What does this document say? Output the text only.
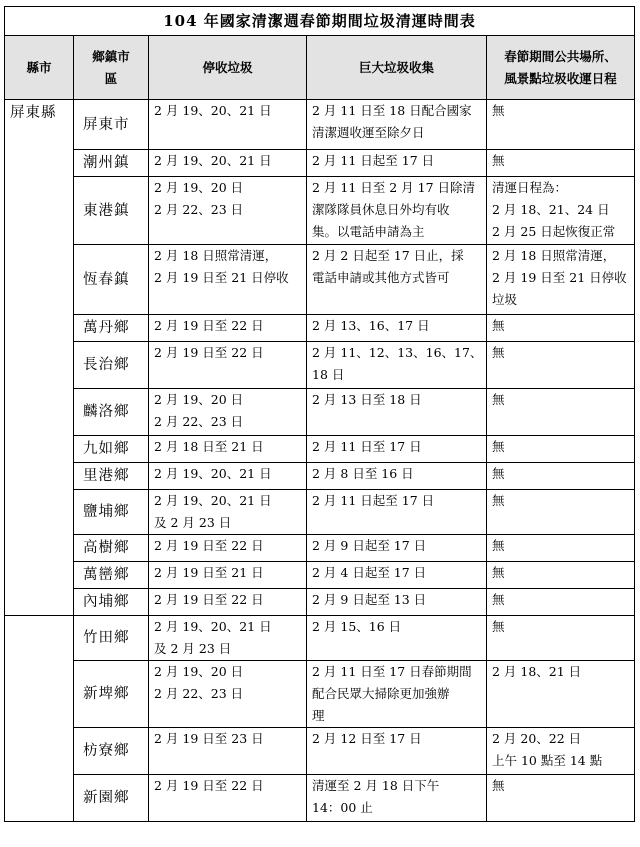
104 年國家清潔週春節期間垃圾清運時間表				
縣市	鄉鎮市
區	停收垃圾	巨大垃圾收集	春節期間公共場所、
風景點垃圾收運日程

屏東縣	屏東市	2 月 19、20、21 日	2 月 11 日至 18 日配合國家
清潔週收運至除夕日	無

	潮州鎮	2 月 19、20、21 日	2 月 11 日起至 17 日	無

	東港鎮	2 月 19、20 日
2 月 22、23 日	2 月 11 日至 2 月 17 日除清
潔隊隊員休息日外均有收
集。以電話申請為主	清運日程為：
2 月 18、21、24 日
2 月 25 日起恢復正常

	恆春鎮	2 月 18 日照常清運，
2 月 19 日至 21 日停收	2 月 2 日起至 17 日止，採
電話申請或其他方式皆可	2 月 18 日照常清運，
2 月 19 日至 21 日停收
垃圾

	萬丹鄉	2 月 19 日至 22 日	2 月 13、16、17 日	無

	長治鄉	2 月 19 日至 22 日	2 月 11、12、13、16、17、
18 日	無

	麟洛鄉	2 月 19、20 日
2 月 22、23 日	2 月 13 日至 18 日	無

	九如鄉	2 月 18 日至 21 日	2 月 11 日至 17 日	無

	里港鄉	2 月 19、20、21 日	2 月 8 日至 16 日	無

	鹽埔鄉	2 月 19、20、21 日
及 2 月 23 日	2 月 11 日起至 17 日	無

	高樹鄉	2 月 19 日至 22 日	2 月 9 日起至 17 日	無

	萬巒鄉	2 月 19 日至 21 日	2 月 4 日起至 17 日	無

	內埔鄉	2 月 19 日至 22 日	2 月 9 日起至 13 日	無

	竹田鄉	2 月 19、20、21 日
及 2 月 23 日	2 月 15、16 日	無

	新埤鄉	2 月 19、20 日
2 月 22、23 日	2 月 11 日至 17 日春節期間
配合民眾大掃除更加強辦
理	2 月 18、21 日

	枋寮鄉	2 月 19 日至 23 日	2 月 12 日至 17 日	2 月 20、22 日
上午 10 點至 14 點

	新園鄉	2 月 19 日至 22 日	清運至 2 月 18 日下午
14：00 止	無
